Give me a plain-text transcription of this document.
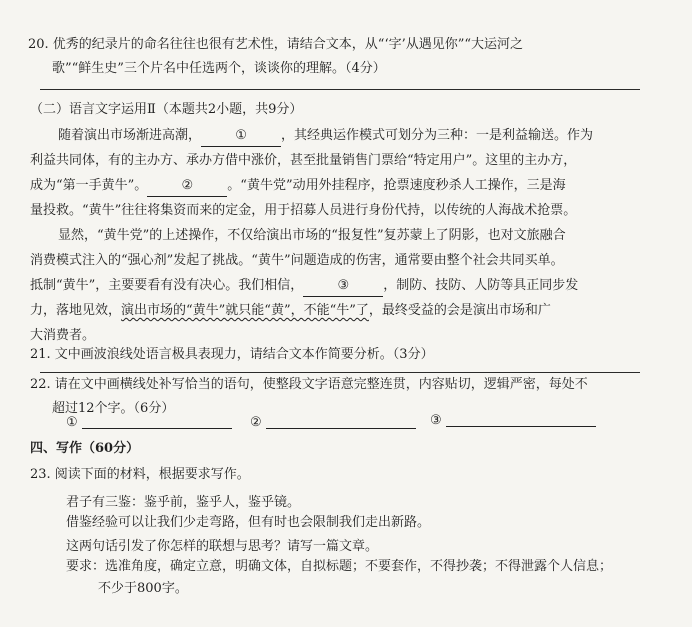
20. 优秀的纪录片的命名往往也很有艺术性，请结合文本，从“‘字’从遇见你”“大运河之
歌”“鲜生史”三个片名中任选两个，谈谈你的理解。（4分）
（二）语言文字运用Ⅱ（本题共2小题，共9分）
随着演出市场渐进高潮，	①	，其经典运作模式可划分为三种：一是利益输送。作为
利益共同体，有的主办方、承办方借中涨价，甚至批量销售门票给“特定用户”。这里的主办方，
成为“第一手黄牛”。	②	。“黄牛党”动用外挂程序，抢票速度秒杀人工操作，三是海
量投救。“黄牛”往往将集资而来的定金，用于招募人员进行身份代持，以传统的人海战术抢票。
显然，“黄牛党”的上述操作，不仅给演出市场的“报复性”复苏蒙上了阴影，也对文旅融合
消费模式注入的“强心剂”发起了挑战。“黄牛”问题造成的伤害，通常要由整个社会共同买单。
抵制“黄牛”，主要要看有没有决心。我们相信，	③	，制防、技防、人防等具正同步发
力，落地见效，演出市场的“黄牛”就只能“黄”，不能“牛”了，最终受益的会是演出市场和广
大消费者。
21. 文中画波浪线处语言极具表现力，请结合文本作简要分析。（3分）
22. 请在文中画横线处补写恰当的语句，使整段文字语意完整连贯，内容贴切，逻辑严密，每处不
超过12个字。（6分）
①	②	③
四、写作（60分）
23. 阅读下面的材料，根据要求写作。
君子有三鉴：鉴乎前，鉴乎人，鉴乎镜。
借鉴经验可以让我们少走弯路，但有时也会限制我们走出新路。
这两句话引发了你怎样的联想与思考？请写一篇文章。
要求：选准角度，确定立意，明确文体，自拟标题；不要套作，不得抄袭；不得泄露个人信息；
不少于800字。
